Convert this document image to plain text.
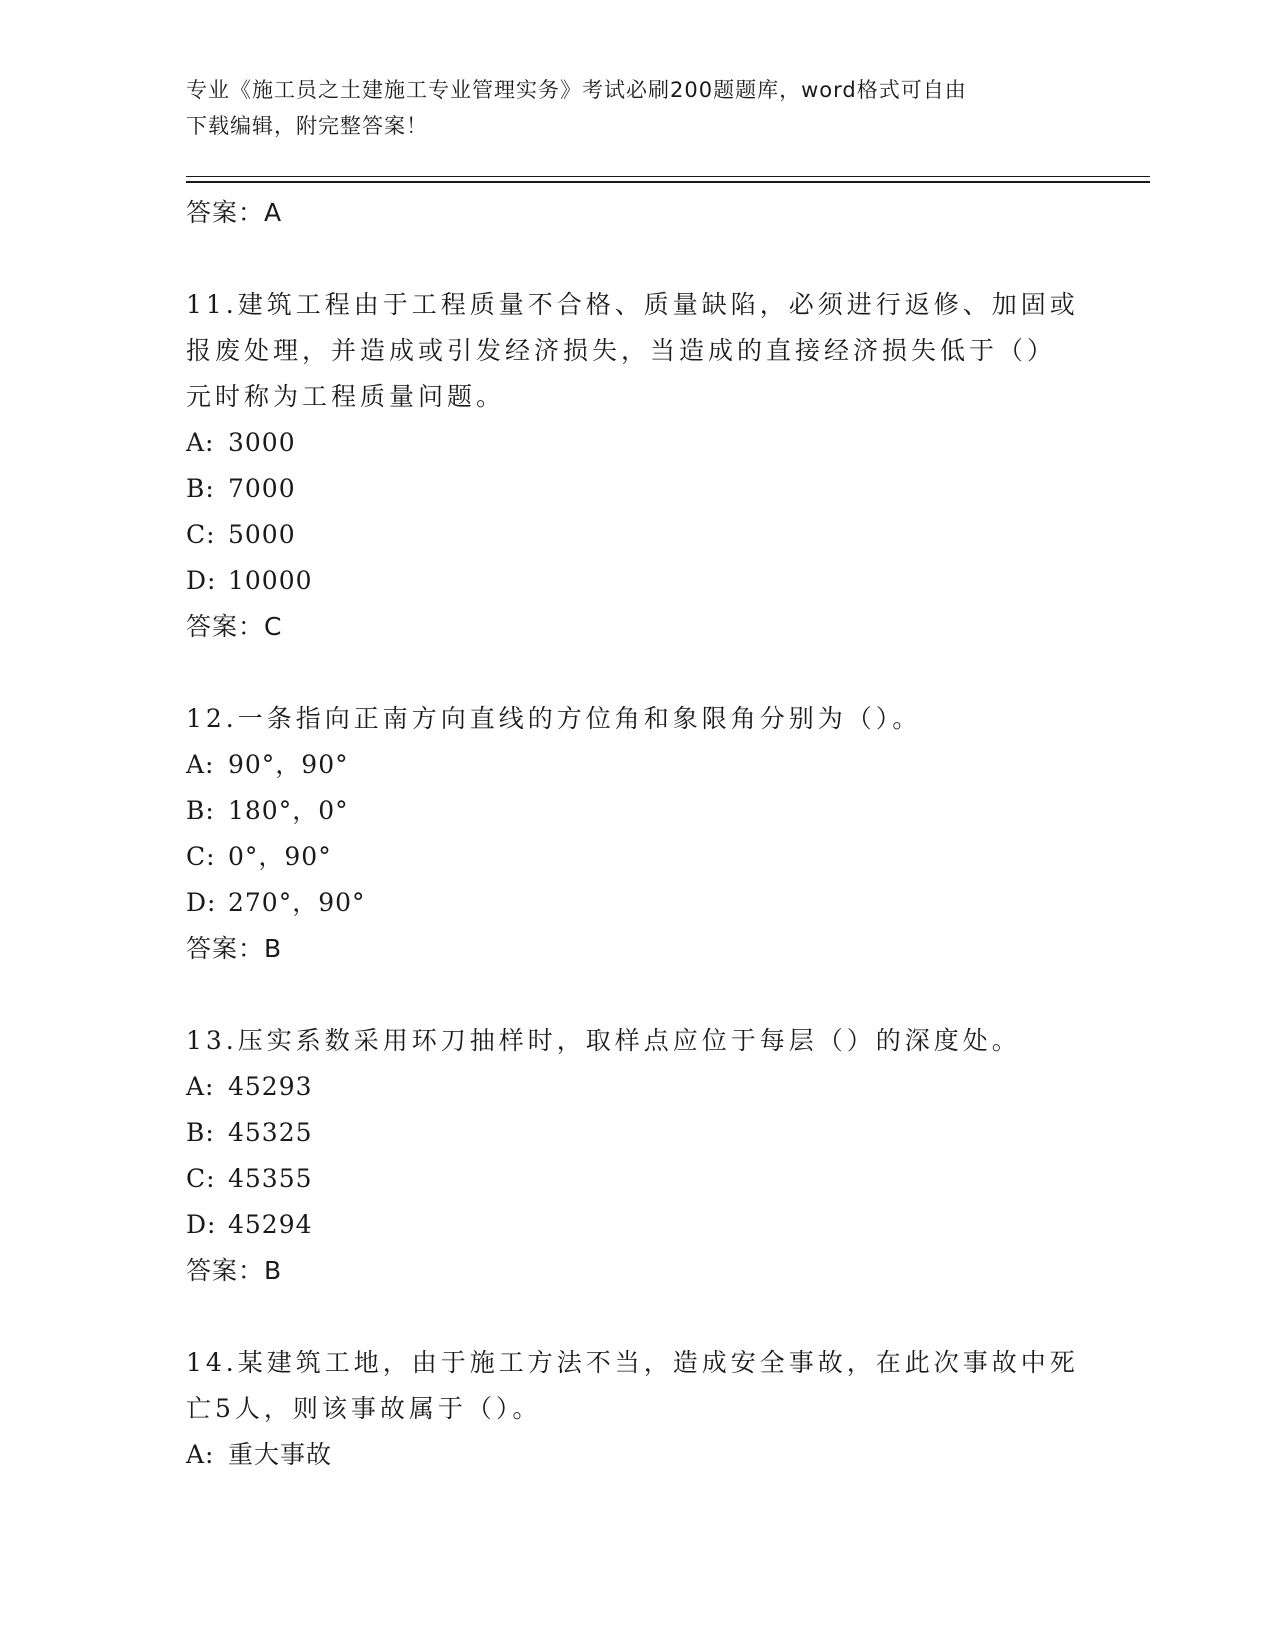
专业《施工员之土建施工专业管理实务》考试必刷200题题库，word格式可自由
下载编辑，附完整答案！
答案：A
11.建筑工程由于工程质量不合格、质量缺陷，必须进行返修、加固或
报废处理，并造成或引发经济损失，当造成的直接经济损失低于（）
元时称为工程质量问题。
A: 3000
B: 7000
C: 5000
D: 10000
答案：C
12.一条指向正南方向直线的方位角和象限角分别为（）。
A: 90°，90°
B: 180°，0°
C: 0°，90°
D: 270°，90°
答案：B
13.压实系数采用环刀抽样时，取样点应位于每层（）的深度处。
A: 45293
B: 45325
C: 45355
D: 45294
答案：B
14.某建筑工地，由于施工方法不当，造成安全事故，在此次事故中死
亡5人，则该事故属于（）。
A: 重大事故
